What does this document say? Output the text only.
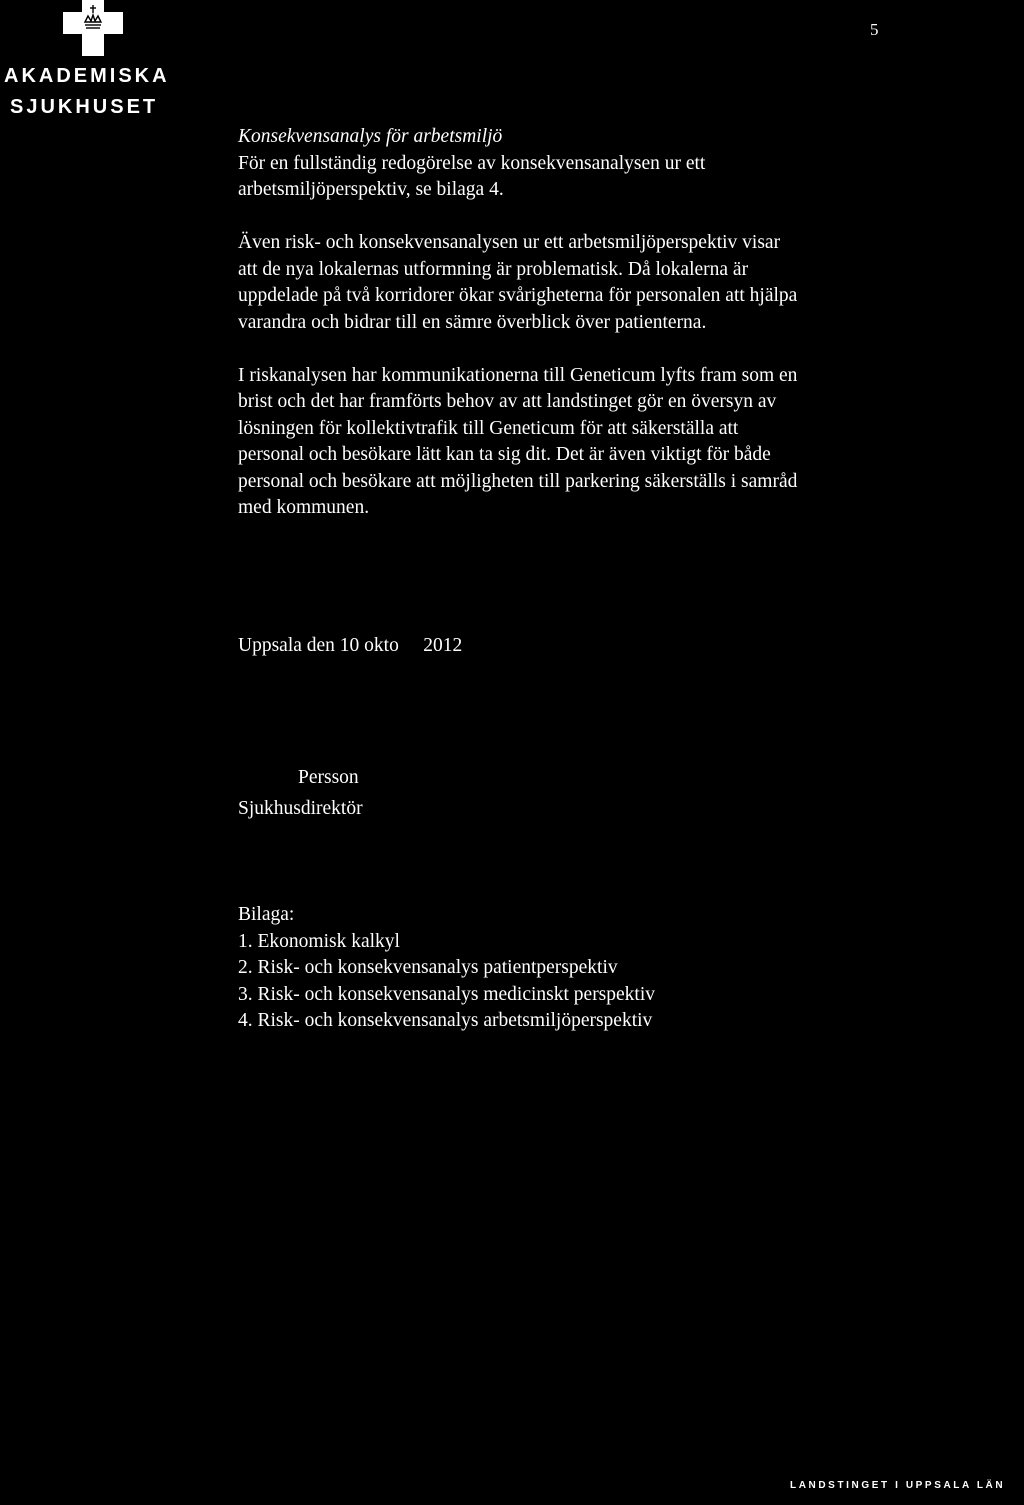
AKADEMISKA
SJUKHUSET
5
Konsekvensanalys för arbetsmiljö

För en fullständig redogörelse av konsekvensanalysen ur ett
arbetsmiljöperspektiv, se bilaga 4.

Även risk- och konsekvensanalysen ur ett arbetsmiljöperspektiv visar
att de nya lokalernas utformning är problematisk. Då lokalerna är
uppdelade på två korridorer ökar svårigheterna för personalen att hjälpa
varandra och bidrar till en sämre överblick över patienterna.

I riskanalysen har kommunikationerna till Geneticum lyfts fram som en
brist och det har framförts behov av att landstinget gör en översyn av
lösningen för kollektivtrafik till Geneticum för att säkerställa att
personal och besökare lätt kan ta sig dit. Det är även viktigt för både
personal och besökare att möjligheten till parkering säkerställs i samråd
med kommunen.

Uppsala den 10 okto     2012
Persson
Sjukhusdirektör
Bilaga:
1. Ekonomisk kalkyl
2. Risk- och konsekvensanalys patientperspektiv
3. Risk- och konsekvensanalys medicinskt perspektiv
4. Risk- och konsekvensanalys arbetsmiljöperspektiv
LANDSTINGET I UPPSALA LÄN
